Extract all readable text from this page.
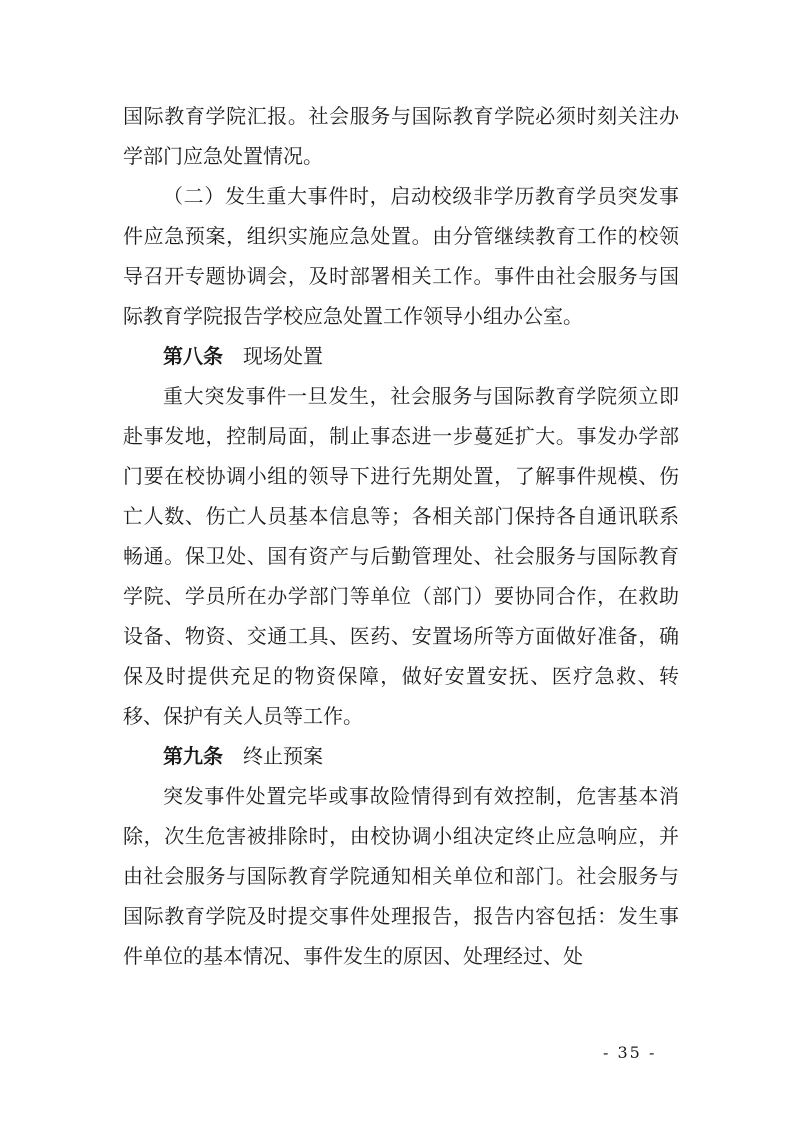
国际教育学院汇报。社会服务与国际教育学院必须时刻关注办学部门应急处置情况。

（二）发生重大事件时，启动校级非学历教育学员突发事件应急预案，组织实施应急处置。由分管继续教育工作的校领导召开专题协调会，及时部署相关工作。事件由社会服务与国际教育学院报告学校应急处置工作领导小组办公室。

第八条  现场处置

重大突发事件一旦发生，社会服务与国际教育学院须立即赴事发地，控制局面，制止事态进一步蔓延扩大。事发办学部门要在校协调小组的领导下进行先期处置，了解事件规模、伤亡人数、伤亡人员基本信息等；各相关部门保持各自通讯联系畅通。保卫处、国有资产与后勤管理处、社会服务与国际教育学院、学员所在办学部门等单位（部门）要协同合作，在救助设备、物资、交通工具、医药、安置场所等方面做好准备，确保及时提供充足的物资保障，做好安置安抚、医疗急救、转移、保护有关人员等工作。

第九条  终止预案

突发事件处置完毕或事故险情得到有效控制，危害基本消除，次生危害被排除时，由校协调小组决定终止应急响应，并由社会服务与国际教育学院通知相关单位和部门。社会服务与国际教育学院及时提交事件处理报告，报告内容包括：发生事件单位的基本情况、事件发生的原因、处理经过、处

- 35 -
